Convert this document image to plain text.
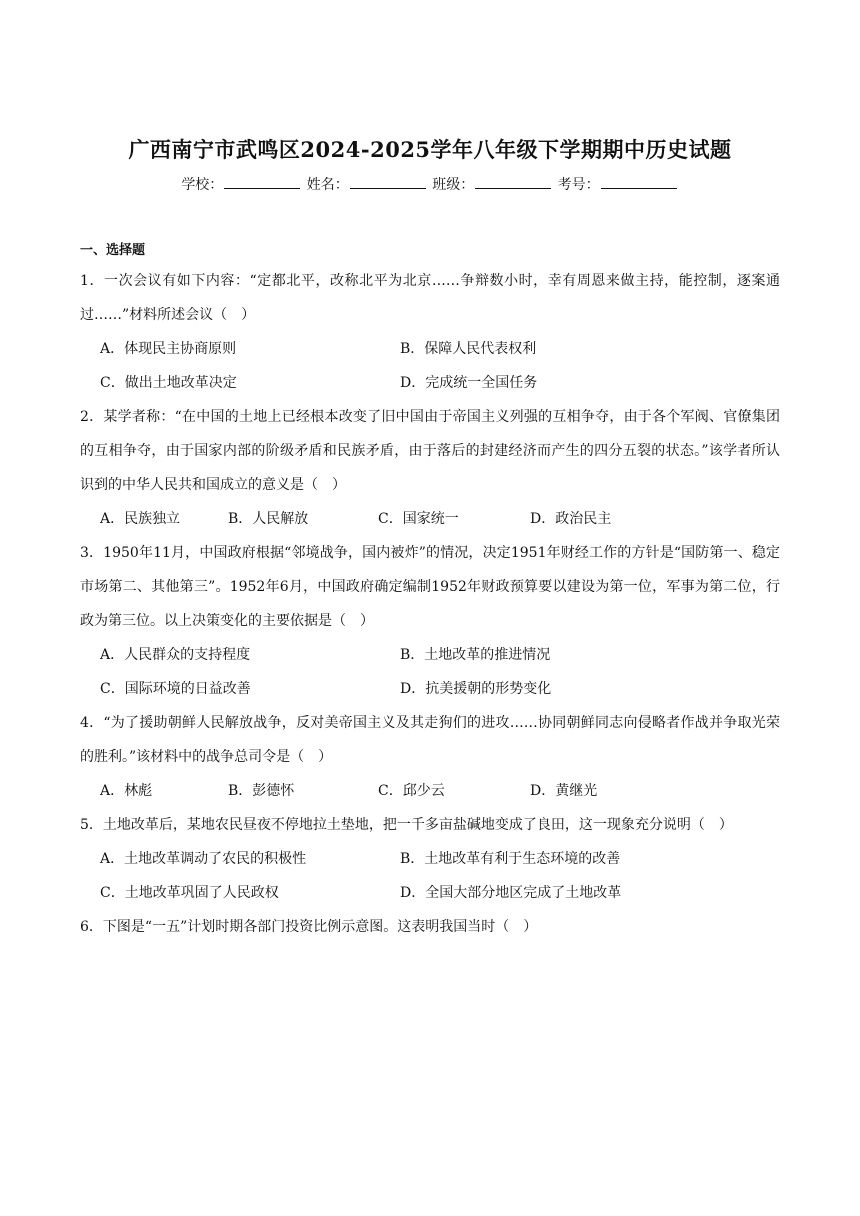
广西南宁市武鸣区2024-2025学年八年级下学期期中历史试题
学校：	姓名：	班级：	考号：
一、选择题
1．一次会议有如下内容：“定都北平，改称北平为北京……争辩数小时，幸有周恩来做主持，能控制，逐案通过……”材料所述会议（　）
A．体现民主协商原则	B．保障人民代表权利
C．做出土地改革决定	D．完成统一全国任务
2．某学者称：“在中国的土地上已经根本改变了旧中国由于帝国主义列强的互相争夺，由于各个军阀、官僚集团的互相争夺，由于国家内部的阶级矛盾和民族矛盾，由于落后的封建经济而产生的四分五裂的状态。”该学者所认识到的中华人民共和国成立的意义是（　）
A．民族独立	B．人民解放	C．国家统一	D．政治民主
3．1950年11月，中国政府根据“邻境战争，国内被炸”的情况，决定1951年财经工作的方针是“国防第一、稳定市场第二、其他第三”。1952年6月，中国政府确定编制1952年财政预算要以建设为第一位，军事为第二位，行政为第三位。以上决策变化的主要依据是（　）
A．人民群众的支持程度	B．土地改革的推进情况
C．国际环境的日益改善	D．抗美援朝的形势变化
4．“为了援助朝鲜人民解放战争，反对美帝国主义及其走狗们的进攻……协同朝鲜同志向侵略者作战并争取光荣的胜利。”该材料中的战争总司令是（　）
A．林彪	B．彭德怀	C．邱少云	D．黄继光
5．土地改革后，某地农民昼夜不停地拉土垫地，把一千多亩盐碱地变成了良田，这一现象充分说明（　）
A．土地改革调动了农民的积极性	B．土地改革有利于生态环境的改善
C．土地改革巩固了人民政权	D．全国大部分地区完成了土地改革
6．下图是“一五”计划时期各部门投资比例示意图。这表明我国当时（　）
